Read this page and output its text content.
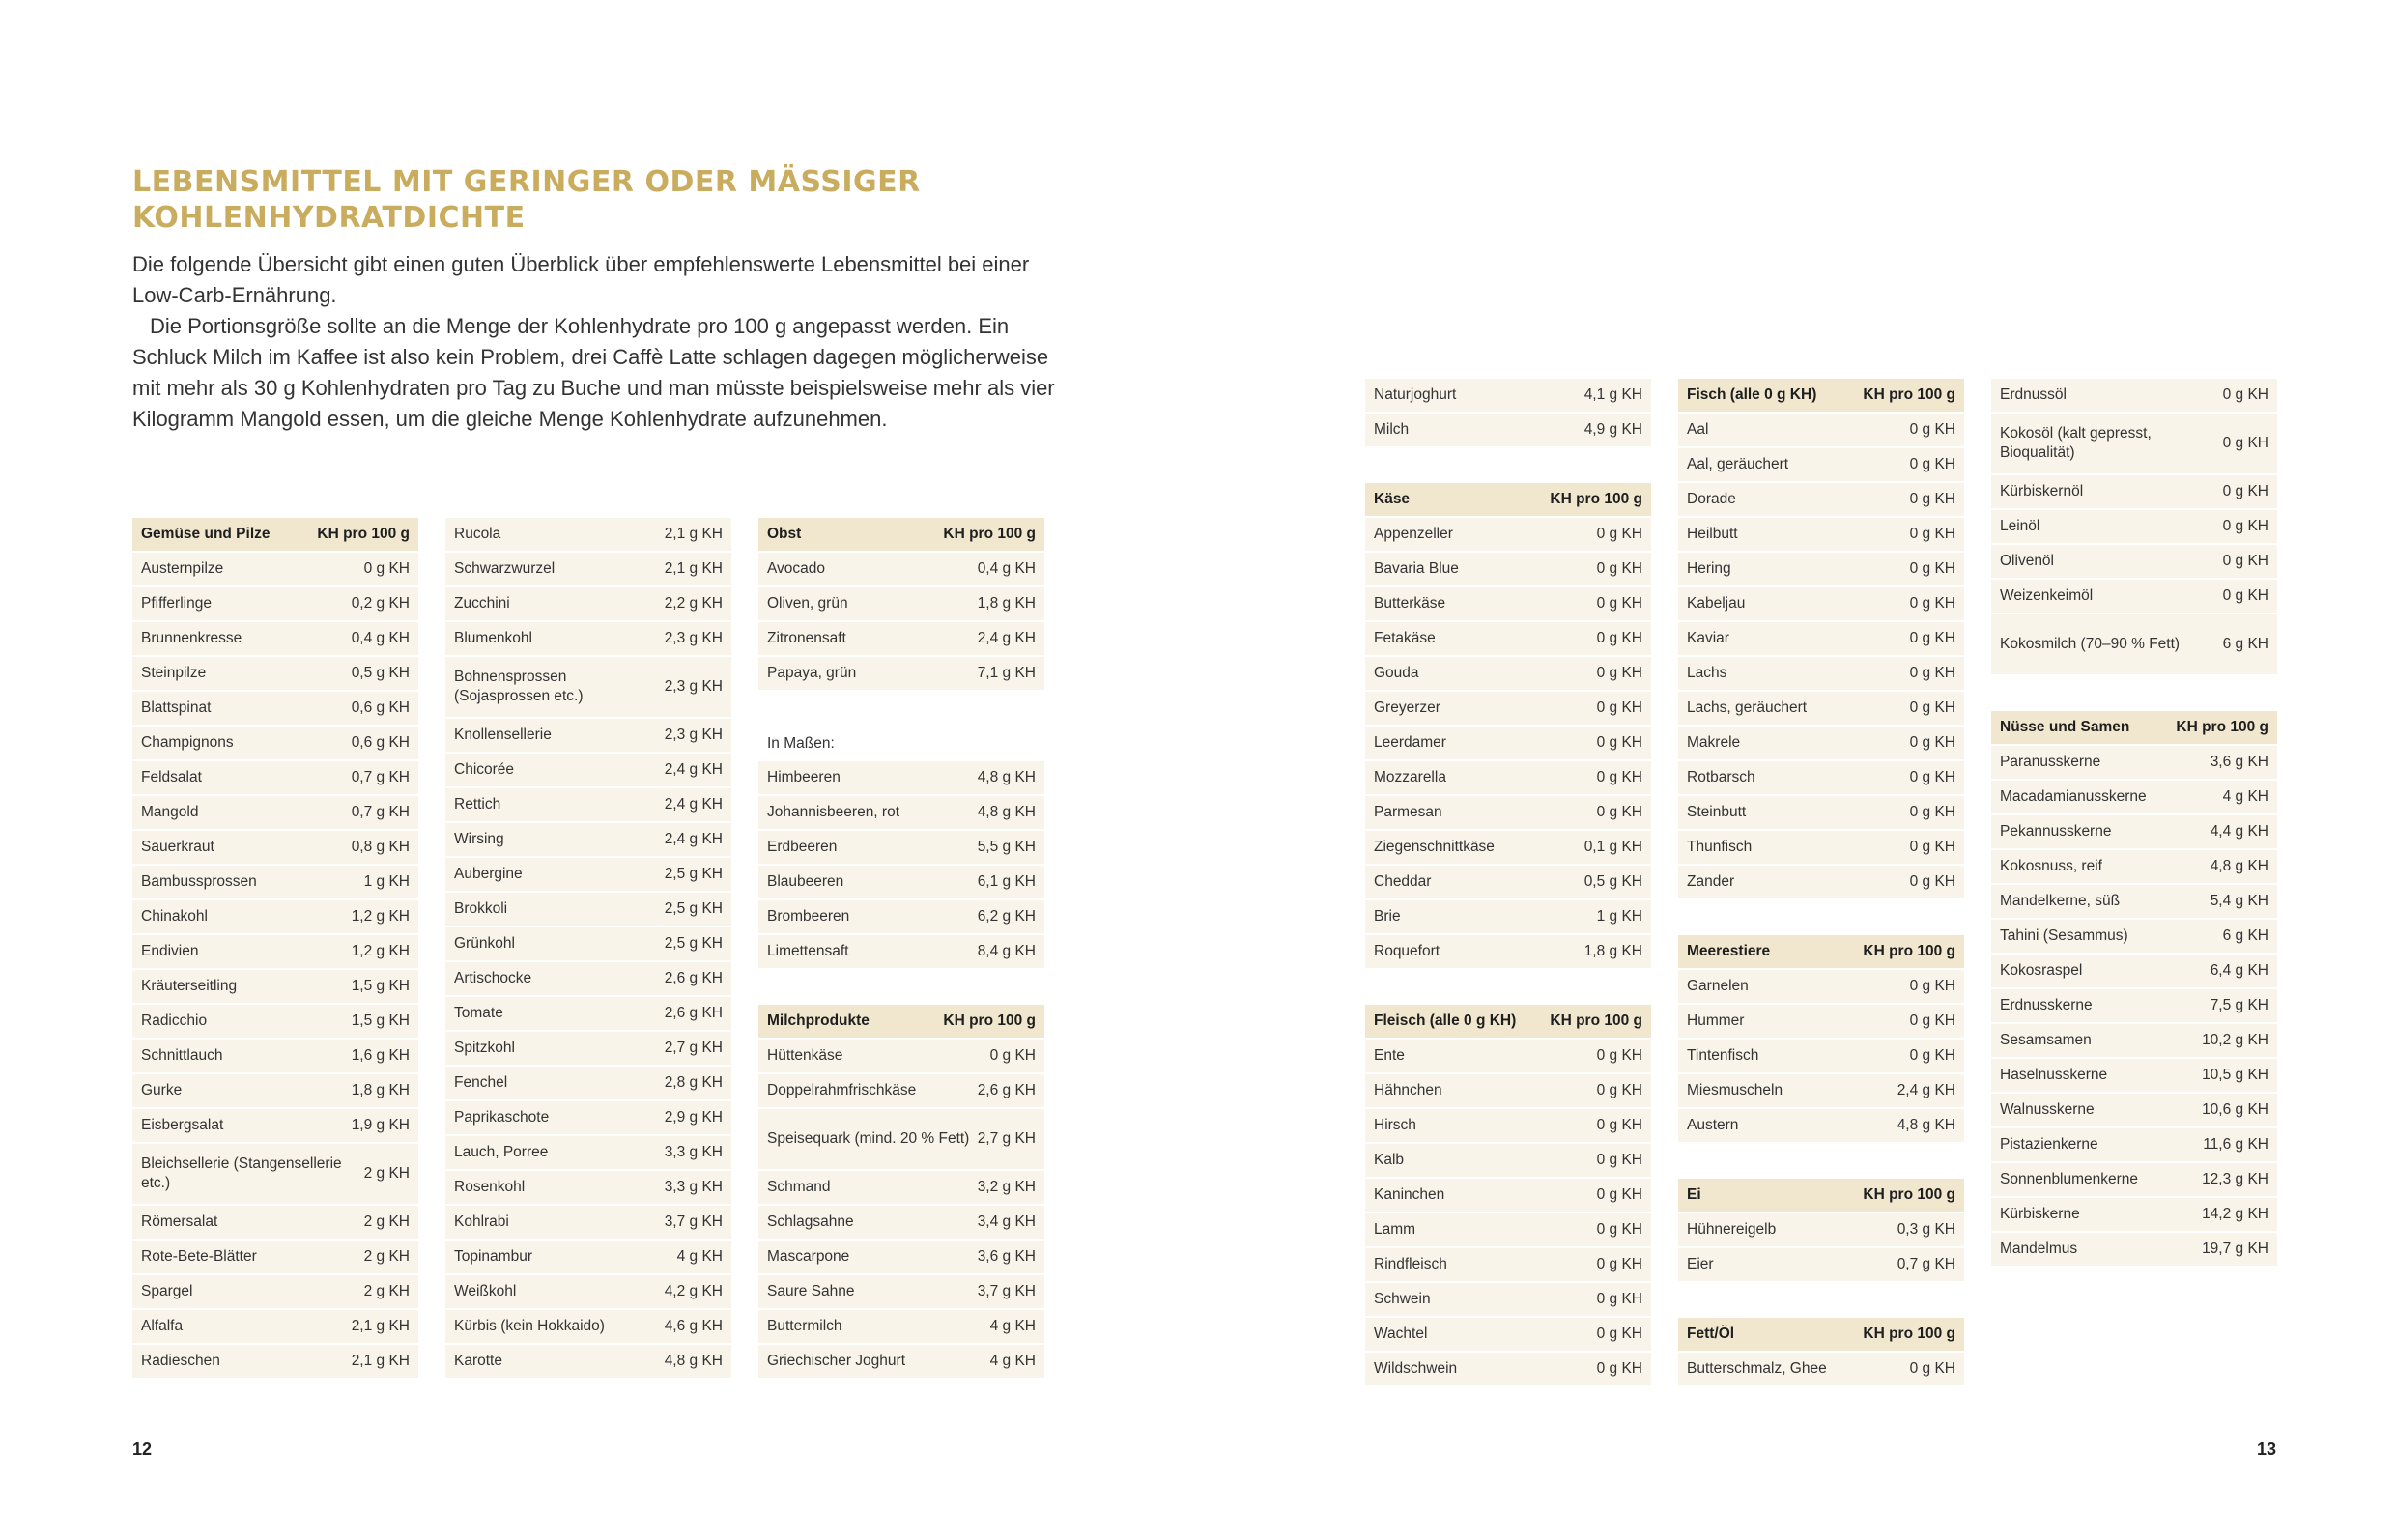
LEBENSMITTEL MIT GERINGER ODER MÄSSIGER KOHLENHYDRATDICHTE

Die folgende Übersicht gibt einen guten Überblick über empfehlenswerte Lebensmittel bei einer Low-Carb-Ernährung.

Die Portionsgröße sollte an die Menge der Kohlenhydrate pro 100 g angepasst werden. Ein Schluck Milch im Kaffee ist also kein Problem, drei Caffè Latte schlagen dagegen möglicherweise mit mehr als 30 g Kohlenhydraten pro Tag zu Buche und man müsste beispielsweise mehr als vier Kilogramm Mangold essen, um die gleiche Menge Kohlenhydrate aufzunehmen.

Gemüse und Pilze	KH pro 100 g
Austernpilze	0 g KH
Pfifferlinge	0,2 g KH
Brunnenkresse	0,4 g KH
Steinpilze	0,5 g KH
Blattspinat	0,6 g KH
Champignons	0,6 g KH
Feldsalat	0,7 g KH
Mangold	0,7 g KH
Sauerkraut	0,8 g KH
Bambussprossen	1 g KH
Chinakohl	1,2 g KH
Endivien	1,2 g KH
Kräuterseitling	1,5 g KH
Radicchio	1,5 g KH
Schnittlauch	1,6 g KH
Gurke	1,8 g KH
Eisbergsalat	1,9 g KH
Bleichsellerie (Stangensellerie etc.)
2 g KH
Römersalat	2 g KH
Rote-Bete-Blätter	2 g KH
Spargel	2 g KH
Alfalfa	2,1 g KH
Radieschen	2,1 g KH
Rucola	2,1 g KH
Schwarzwurzel	2,1 g KH
Zucchini	2,2 g KH
Blumenkohl	2,3 g KH
Bohnensprossen (Sojasprossen etc.)
2,3 g KH
Knollensellerie	2,3 g KH
Chicorée	2,4 g KH
Rettich	2,4 g KH
Wirsing	2,4 g KH
Aubergine	2,5 g KH
Brokkoli	2,5 g KH
Grünkohl	2,5 g KH
Artischocke	2,6 g KH
Tomate	2,6 g KH
Spitzkohl	2,7 g KH
Fenchel	2,8 g KH
Paprikaschote	2,9 g KH
Lauch, Porree	3,3 g KH
Rosenkohl	3,3 g KH
Kohlrabi	3,7 g KH
Topinambur	4 g KH
Weißkohl	4,2 g KH
Kürbis (kein Hokkaido)	4,6 g KH
Karotte	4,8 g KH
Obst	KH pro 100 g
Avocado	0,4 g KH
Oliven, grün	1,8 g KH
Zitronensaft	2,4 g KH
Papaya, grün	7,1 g KH
In Maßen:
Himbeeren	4,8 g KH
Johannisbeeren, rot	4,8 g KH
Erdbeeren	5,5 g KH
Blaubeeren	6,1 g KH
Brombeeren	6,2 g KH
Limettensaft	8,4 g KH
Milchprodukte	KH pro 100 g
Hüttenkäse	0 g KH
Doppelrahmfrischkäse	2,6 g KH
Speisequark (mind. 20 % Fett) 2,7 g KH
Schmand	3,2 g KH
Schlagsahne	3,4 g KH
Mascarpone	3,6 g KH
Saure Sahne	3,7 g KH
Buttermilch	4 g KH
Griechischer Joghurt	4 g KH
Naturjoghurt	4,1 g KH
Milch	4,9 g KH
Käse	KH pro 100 g
Appenzeller	0 g KH
Bavaria Blue	0 g KH
Butterkäse	0 g KH
Fetakäse	0 g KH
Gouda	0 g KH
Greyerzer	0 g KH
Leerdamer	0 g KH
Mozzarella	0 g KH
Parmesan	0 g KH
Ziegenschnittkäse	0,1 g KH
Cheddar	0,5 g KH
Brie	1 g KH
Roquefort	1,8 g KH
Fleisch (alle 0 g KH)	KH pro 100 g
Ente	0 g KH
Hähnchen	0 g KH
Hirsch	0 g KH
Kalb	0 g KH
Kaninchen	0 g KH
Lamm	0 g KH
Rindfleisch	0 g KH
Schwein	0 g KH
Wachtel	0 g KH
Wildschwein	0 g KH
Fisch (alle 0 g KH)	KH pro 100 g
Aal	0 g KH
Aal, geräuchert	0 g KH
Dorade	0 g KH
Heilbutt	0 g KH
Hering	0 g KH
Kabeljau	0 g KH
Kaviar	0 g KH
Lachs	0 g KH
Lachs, geräuchert	0 g KH
Makrele	0 g KH
Rotbarsch	0 g KH
Steinbutt	0 g KH
Thunfisch	0 g KH
Zander	0 g KH
Meerestiere	KH pro 100 g
Garnelen	0 g KH
Hummer	0 g KH
Tintenfisch	0 g KH
Miesmuscheln	2,4 g KH
Austern	4,8 g KH
Ei	KH pro 100 g
Hühnereigelb	0,3 g KH
Eier	0,7 g KH
Fett/Öl	KH pro 100 g
Butterschmalz, Ghee	0 g KH
Erdnussöl	0 g KH
Kokosöl (kalt gepresst, Bioqualität)
0 g KH
Kürbiskernöl	0 g KH
Leinöl	0 g KH
Olivenöl	0 g KH
Weizenkeimöl	0 g KH
Kokosmilch (70–90 % Fett)	6 g KH
Nüsse und Samen	KH pro 100 g
Paranusskerne	3,6 g KH
Macadamianusskerne	4 g KH
Pekannusskerne	4,4 g KH
Kokosnuss, reif	4,8 g KH
Mandelkerne, süß	5,4 g KH
Tahini (Sesammus)	6 g KH
Kokosraspel	6,4 g KH
Erdnusskerne	7,5 g KH
Sesamsamen	10,2 g KH
Haselnusskerne	10,5 g KH
Walnusskerne	10,6 g KH
Pistazienkerne	11,6 g KH
Sonnenblumenkerne	12,3 g KH
Kürbiskerne	14,2 g KH
Mandelmus	19,7 g KH
12	13
